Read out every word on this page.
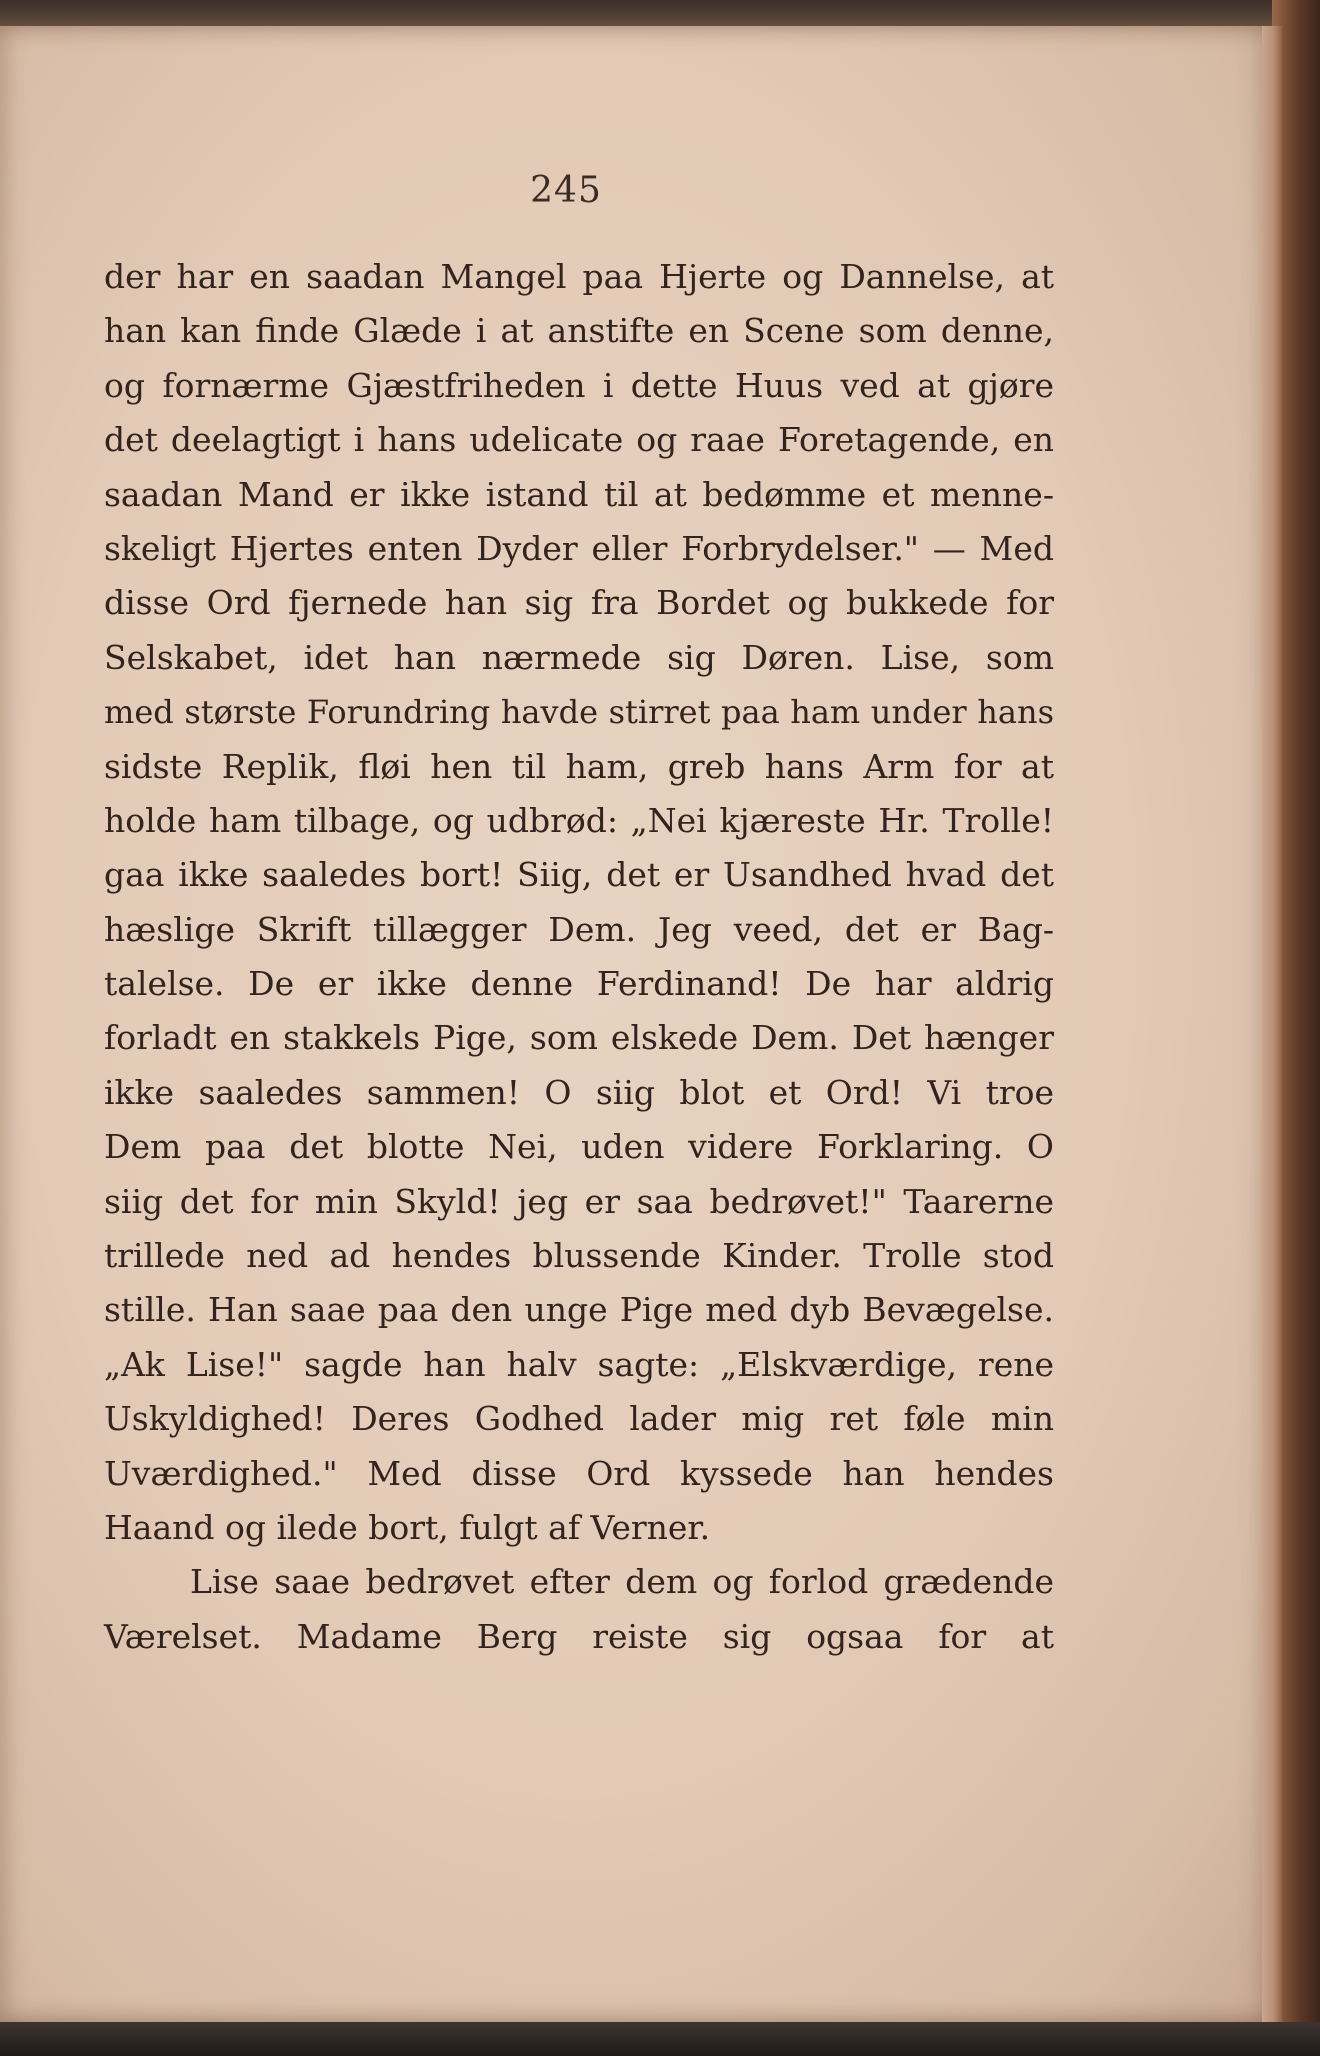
245
der har en saadan Mangel paa Hjerte og Dannelse, at
han kan finde Glæde i at anstifte en Scene som denne,
og fornærme Gjæstfriheden i dette Huus ved at gjøre
det deelagtigt i hans udelicate og raae Foretagende, en
saadan Mand er ikke istand til at bedømme et menne-
skeligt Hjertes enten Dyder eller Forbrydelser." — Med
disse Ord fjernede han sig fra Bordet og bukkede for
Selskabet, idet han nærmede sig Døren. Lise, som
med største Forundring havde stirret paa ham under hans
sidste Replik, fløi hen til ham, greb hans Arm for at
holde ham tilbage, og udbrød: „Nei kjæreste Hr. Trolle!
gaa ikke saaledes bort! Siig, det er Usandhed hvad det
hæslige Skrift tillægger Dem. Jeg veed, det er Bag-
talelse. De er ikke denne Ferdinand! De har aldrig
forladt en stakkels Pige, som elskede Dem. Det hænger
ikke saaledes sammen! O siig blot et Ord! Vi troe
Dem paa det blotte Nei, uden videre Forklaring. O
siig det for min Skyld! jeg er saa bedrøvet!" Taarerne
trillede ned ad hendes blussende Kinder. Trolle stod
stille. Han saae paa den unge Pige med dyb Bevægelse.
„Ak Lise!" sagde han halv sagte: „Elskværdige, rene
Uskyldighed! Deres Godhed lader mig ret føle min
Uværdighed." Med disse Ord kyssede han hendes
Haand og ilede bort, fulgt af Verner.
Lise saae bedrøvet efter dem og forlod grædende
Værelset. Madame Berg reiste sig ogsaa for at
